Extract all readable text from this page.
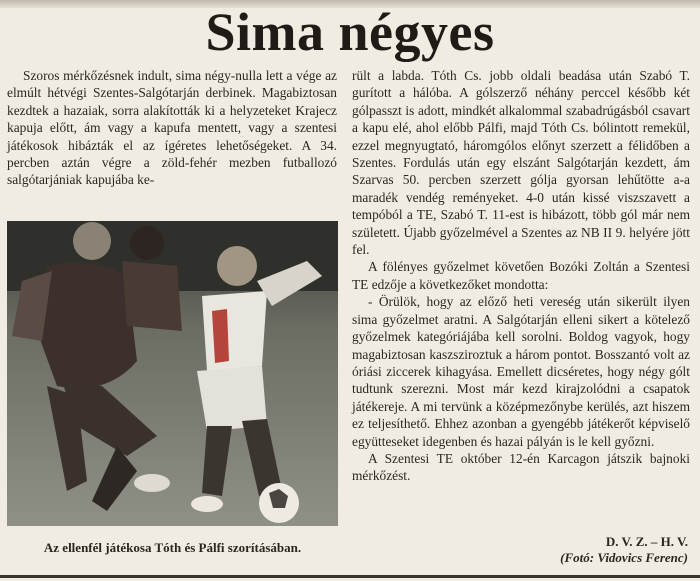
Sima négyes

Szoros mérkőzésnek indult, sima négy-nulla lett a vége az elmúlt hétvégi Szentes-Salgótarján derbinek. Magabiztosan kezdtek a hazaiak, sorra alakították ki a helyzeteket Krajecz kapuja előtt, ám vagy a kapufa mentett, vagy a szentesi játékosok hibázták el az ígéretes lehetőségeket. A 34. percben aztán végre a zöld-fehér mezben futballozó salgótarjániak kapujába ke-

Az ellenfél játékosa Tóth és Pálfi szorításában.

rült a labda. Tóth Cs. jobb oldali beadása után Szabó T. gurított a hálóba. A gólszerző néhány perccel később két gólpasszt is adott, mindkét alkalommal szabadrúgásból csavart a kapu elé, ahol előbb Pálfi, majd Tóth Cs. bólintott remekül, ezzel megnyugtató, háromgólos előnyt szerzett a félidőben a Szentes. Fordulás után egy elszánt Salgótarján kezdett, ám Szarvas 50. percben szerzett gólja gyorsan lehűtötte a-a maradék vendég reményeket. 4-0 után kissé viszszavett a tempóból a TE, Szabó T. 11-est is hibázott, több gól már nem született. Újabb győzelmével a Szentes az NB II 9. helyére jött fel.

A fölényes győzelmet követően Bozóki Zoltán a Szentesi TE edzője a következőket mondotta:

- Örülök, hogy az előző heti vereség után sikerült ilyen sima győzelmet aratni. A Salgótarján elleni sikert a kötelező győzelmek kategóriájába kell sorolni. Boldog vagyok, hogy magabiztosan kaszsziroztuk a három pontot. Bosszantó volt az óriási ziccerek kihagyása. Emellett dicséretes, hogy négy gólt tudtunk szerezni. Most már kezd kirajzolódni a csapatok játékereje. A mi tervünk a középmezőnybe kerülés, azt hiszem ez teljesíthető. Ehhez azonban a gyengébb játékerőt képviselő együtteseket idegenben és hazai pályán is le kell győzni.

A Szentesi TE október 12-én Karcagon játszik bajnoki mérkőzést.

D. V. Z. – H. V.
(Fotó: Vidovics Ferenc)
